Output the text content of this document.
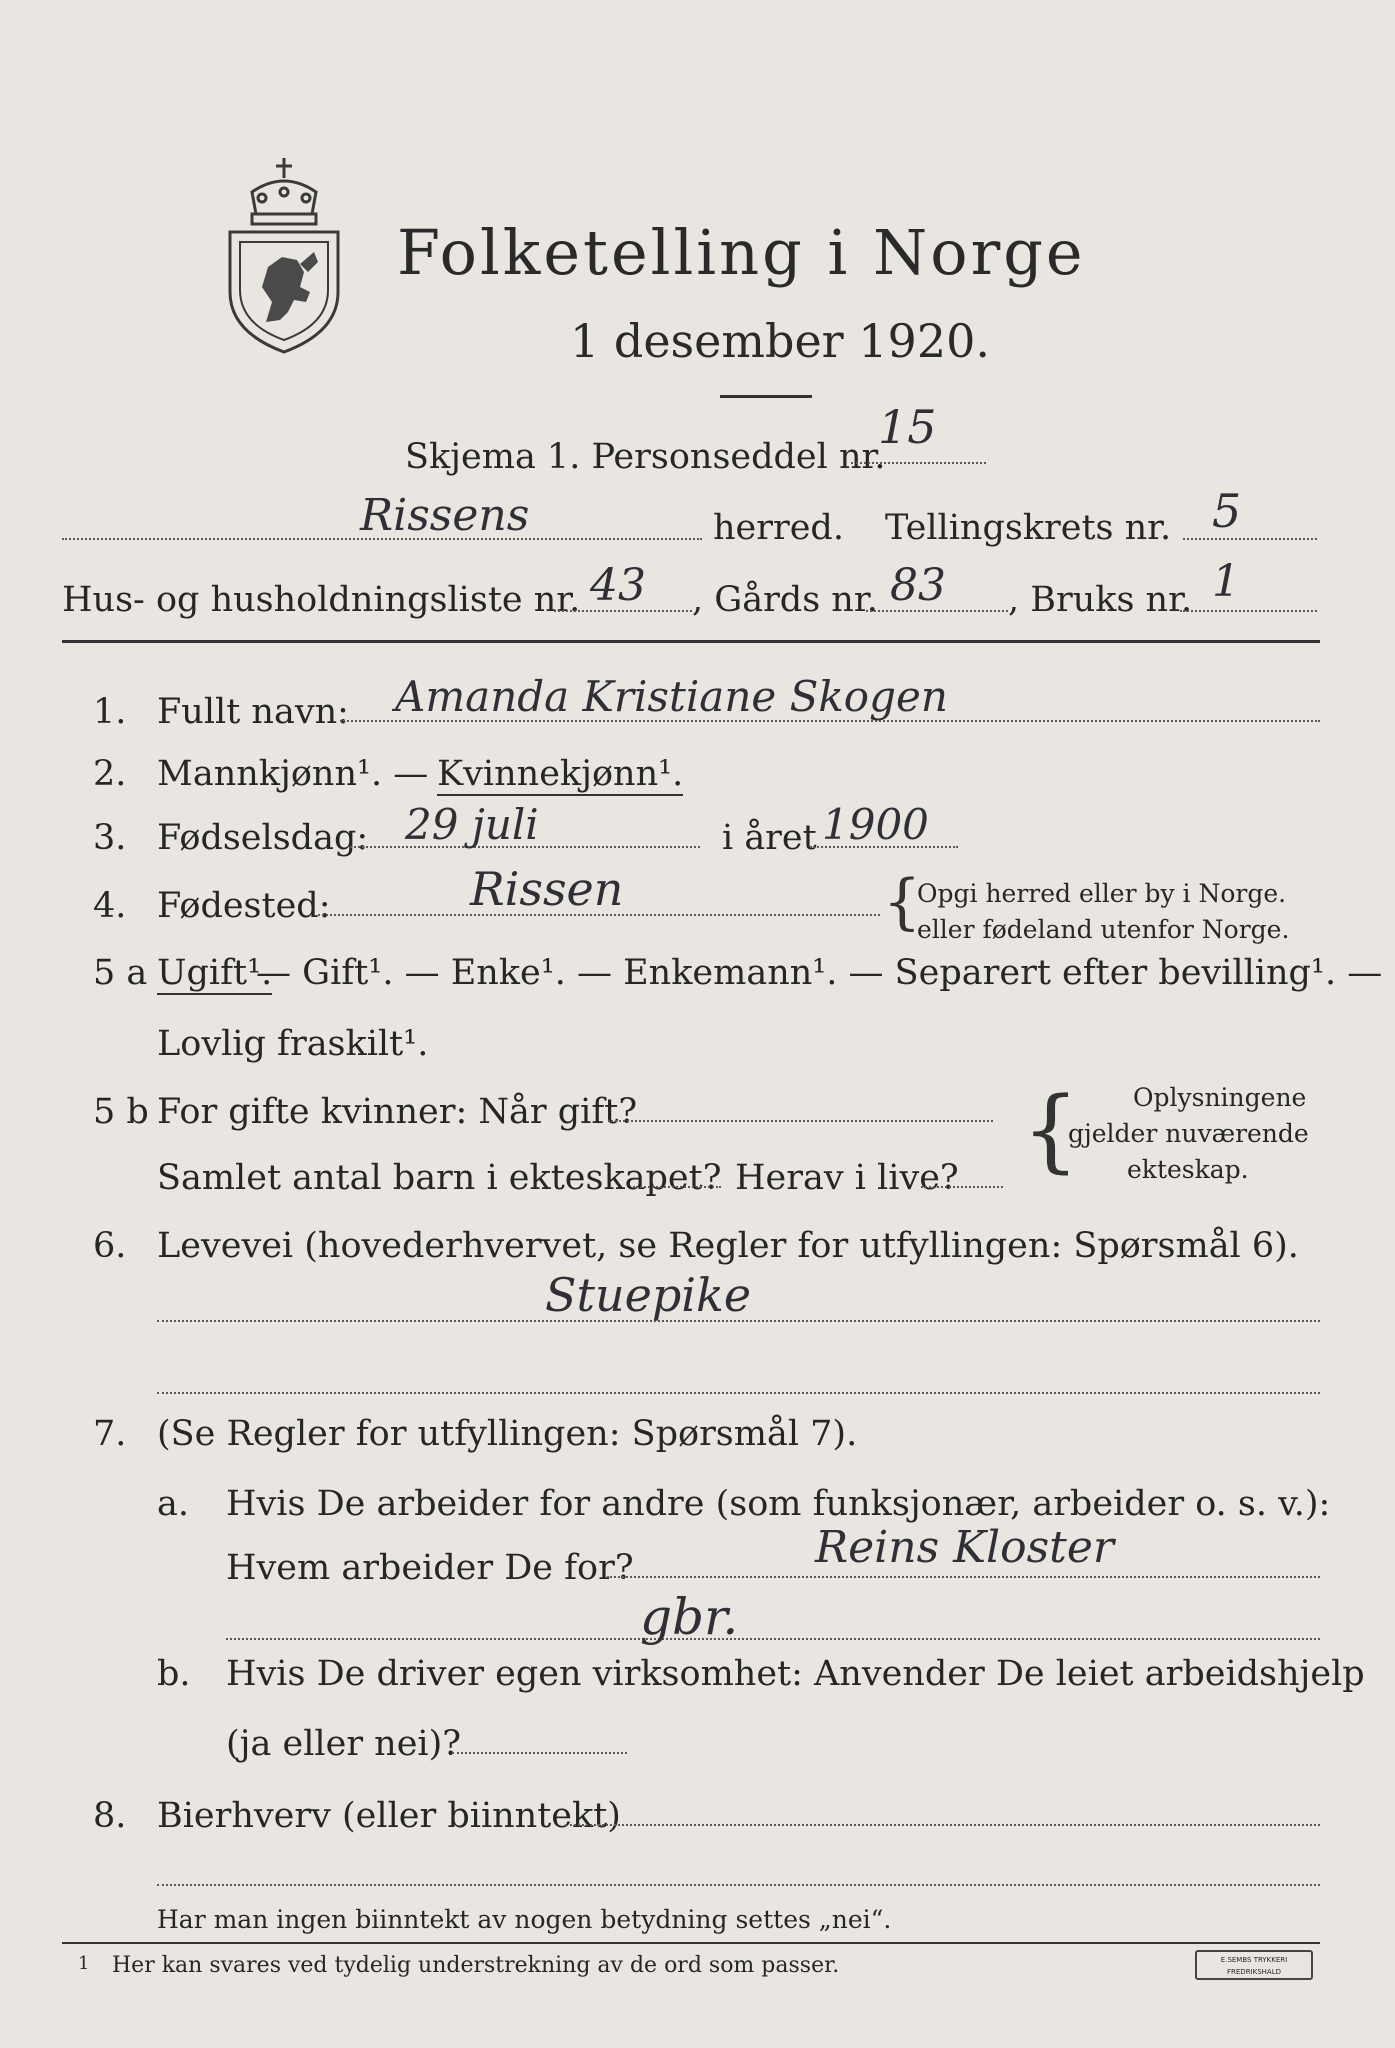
Folketelling i Norge
1 desember 1920.
Skjema 1. Personseddel nr.
15
Rissens	herred. Tellingskrets nr. 5
Hus- og husholdningsliste nr. 43 , Gårds nr. 83 , Bruks nr. 1
1. Fullt navn: Amanda Kristiane Skogen
2. Mannkjønn¹. — Kvinnekjønn¹.
3. Fødselsdag: 29 juli	i året 1900
4. Fødested:	Rissen	{
Opgi herred eller by i Norge.
eller fødeland utenfor Norge.
5 a Ugift¹.
— Gift¹. — Enke¹. — Enkemann¹. — Separert efter bevilling¹. —
Lovlig fraskilt¹.
5 b For gifte kvinner: Når gift?
Samlet antal barn i ekteskapet? Herav i live? { Oplysningene
gjelder nuværende
ekteskap.
6. Levevei (hovederhvervet, se Regler for utfyllingen: Spørsmål 6).
Stuepike
7. (Se Regler for utfyllingen: Spørsmål 7).
a. Hvis De arbeider for andre (som funksjonær, arbeider o. s. v.):
Hvem arbeider De for?	Reins Kloster
gbr.
b. Hvis De driver egen virksomhet: Anvender De leiet arbeidshjelp
(ja eller nei)?
8. Bierhverv (eller biinntekt)
Har man ingen biinntekt av nogen betydning settes „nei“.
1 Her kan svares ved tydelig understrekning av de ord som passer.	E.SEMBS TRYKKERI
FREDRIKSHALD
